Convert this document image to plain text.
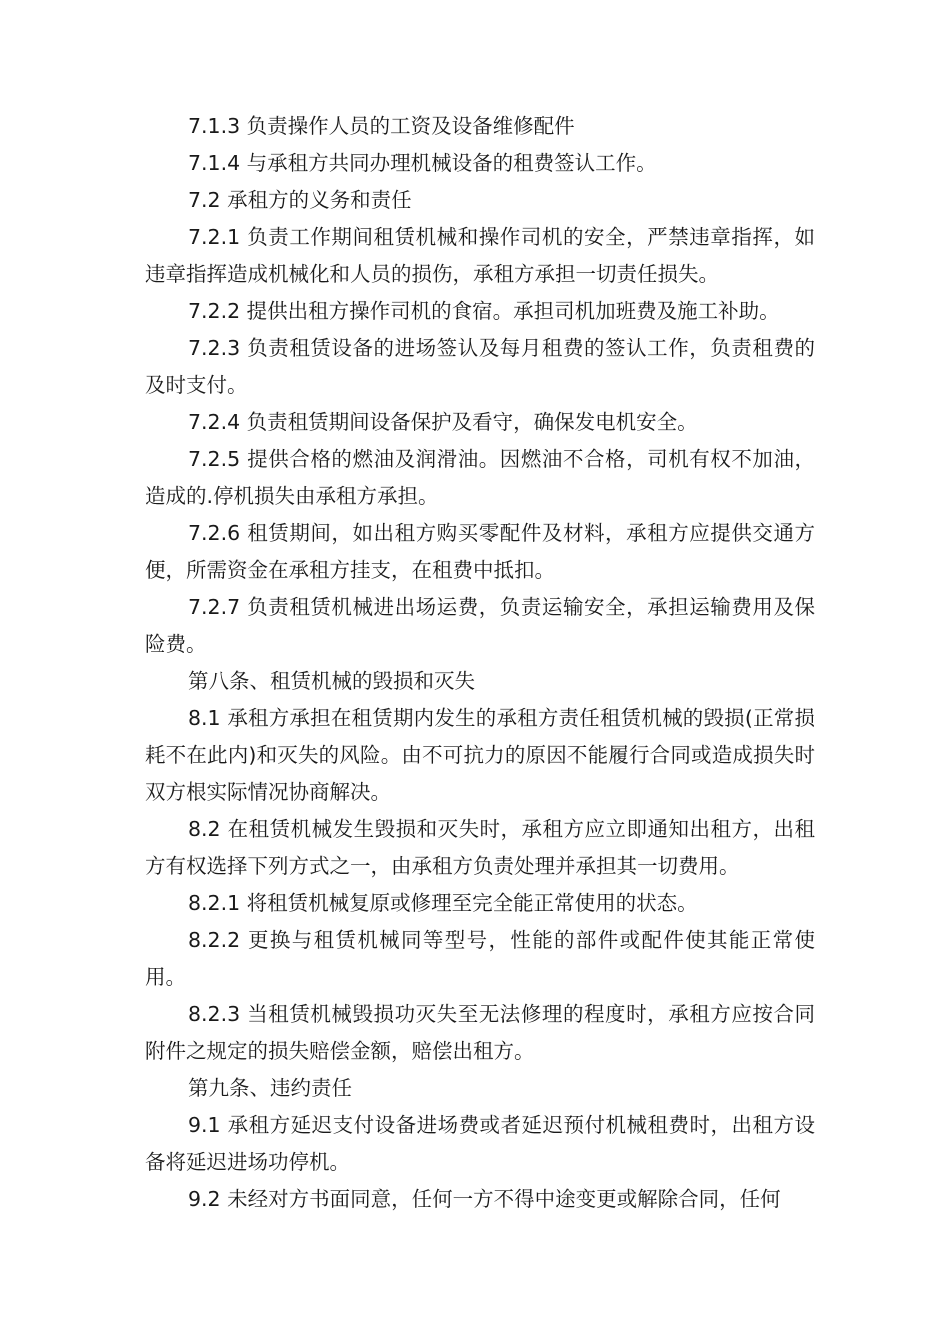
7.1.3 负责操作人员的工资及设备维修配件

7.1.4 与承租方共同办理机械设备的租费签认工作。

7.2 承租方的义务和责任

7.2.1 负责工作期间租赁机械和操作司机的安全，严禁违章指挥，如违章指挥造成机械化和人员的损伤，承租方承担一切责任损失。

7.2.2 提供出租方操作司机的食宿。承担司机加班费及施工补助。

7.2.3 负责租赁设备的进场签认及每月租费的签认工作，负责租费的及时支付。

7.2.4 负责租赁期间设备保护及看守，确保发电机安全。

7.2.5 提供合格的燃油及润滑油。因燃油不合格，司机有权不加油，造成的.停机损失由承租方承担。

7.2.6 租赁期间，如出租方购买零配件及材料，承租方应提供交通方便，所需资金在承租方挂支，在租费中抵扣。

7.2.7 负责租赁机械进出场运费，负责运输安全，承担运输费用及保险费。

第八条、租赁机械的毁损和灭失

8.1 承租方承担在租赁期内发生的承租方责任租赁机械的毁损(正常损耗不在此内)和灭失的风险。由不可抗力的原因不能履行合同或造成损失时双方根实际情况协商解决。

8.2 在租赁机械发生毁损和灭失时，承租方应立即通知出租方，出租方有权选择下列方式之一，由承租方负责处理并承担其一切费用。

8.2.1 将租赁机械复原或修理至完全能正常使用的状态。

8.2.2 更换与租赁机械同等型号，性能的部件或配件使其能正常使用。

8.2.3 当租赁机械毁损功灭失至无法修理的程度时，承租方应按合同附件之规定的损失赔偿金额，赔偿出租方。

第九条、违约责任

9.1 承租方延迟支付设备进场费或者延迟预付机械租费时，出租方设备将延迟进场功停机。

9.2 未经对方书面同意，任何一方不得中途变更或解除合同，任何
